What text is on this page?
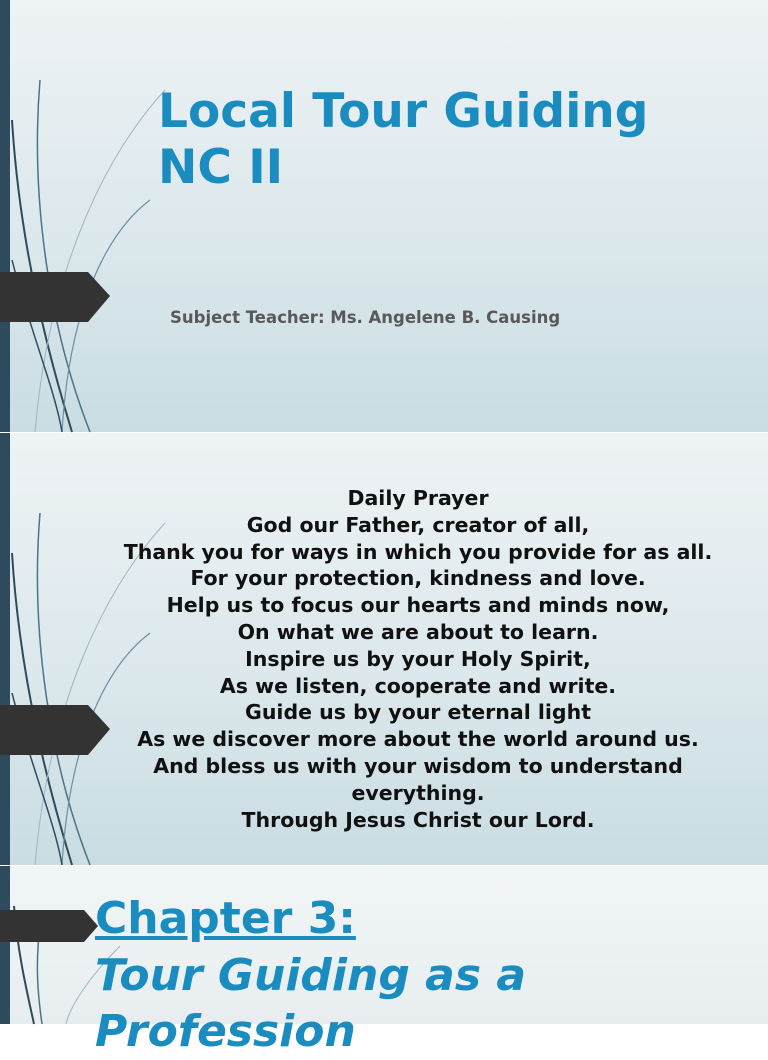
Local Tour Guiding NC II

Subject Teacher: Ms. Angelene B. Causing

Daily Prayer
God our Father, creator of all,
Thank you for ways in which you provide for as all.
For your protection, kindness and love.
Help us to focus our hearts and minds now,
On what we are about to learn.
Inspire us by your Holy Spirit,
As we listen, cooperate and write.
Guide us by your eternal light
As we discover more about the world around us.
And bless us with your wisdom to understand everything.
Through Jesus Christ our Lord.
Chapter 3:
Tour Guiding as a Profession
